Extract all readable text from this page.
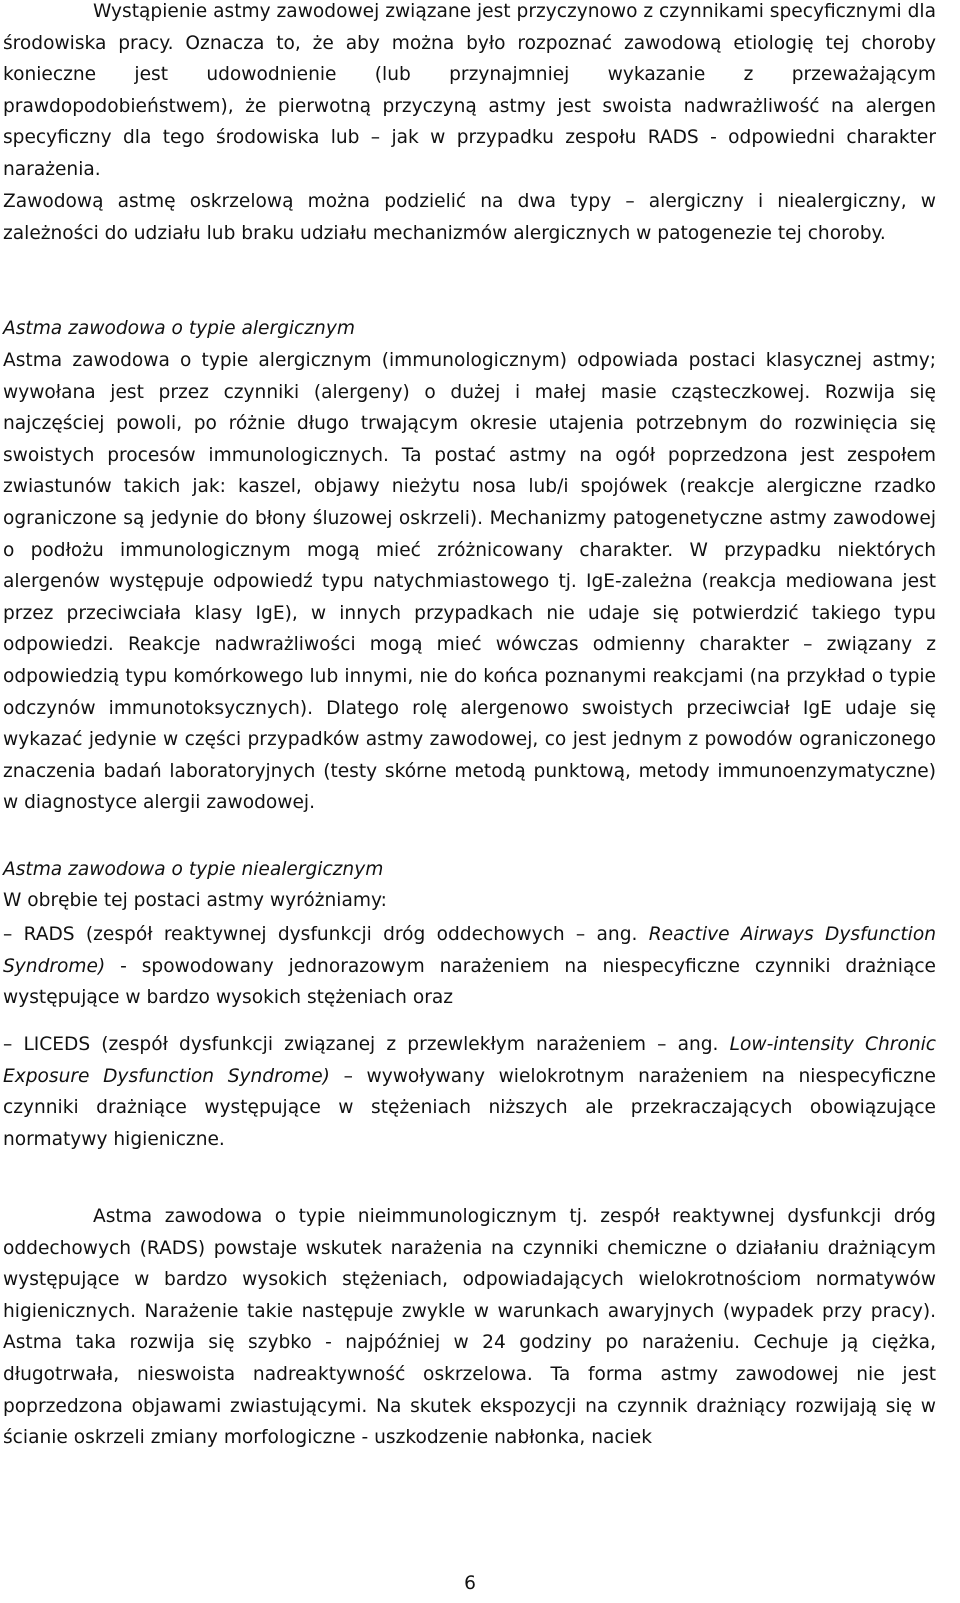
Wystąpienie astmy zawodowej związane jest przyczynowo z czynnikami specyficznymi dla środowiska pracy. Oznacza to, że aby można było rozpoznać zawodową etiologię tej choroby konieczne jest udowodnienie (lub przynajmniej wykazanie z przeważającym prawdopodobieństwem), że pierwotną przyczyną astmy jest swoista nadwrażliwość na alergen specyficzny dla tego środowiska lub – jak w przypadku zespołu RADS - odpowiedni charakter narażenia.
Zawodową astmę oskrzelową można podzielić na dwa typy – alergiczny i niealergiczny, w zależności do udziału lub braku udziału mechanizmów alergicznych w patogenezie tej choroby.
Astma zawodowa o typie alergicznym
Astma zawodowa o typie alergicznym (immunologicznym) odpowiada postaci klasycznej astmy; wywołana jest przez czynniki (alergeny) o dużej i małej masie cząsteczkowej. Rozwija się najczęściej powoli, po różnie długo trwającym okresie utajenia potrzebnym do rozwinięcia się swoistych procesów immunologicznych. Ta postać astmy na ogół poprzedzona jest zespołem zwiastunów takich jak: kaszel, objawy nieżytu nosa lub/i spojówek (reakcje alergiczne rzadko ograniczone są jedynie do błony śluzowej oskrzeli). Mechanizmy patogenetyczne astmy zawodowej o podłożu immunologicznym mogą mieć zróżnicowany charakter. W przypadku niektórych alergenów występuje odpowiedź typu natychmiastowego tj. IgE-zależna (reakcja mediowana jest przez przeciwciała klasy IgE), w innych przypadkach nie udaje się potwierdzić takiego typu odpowiedzi. Reakcje nadwrażliwości mogą mieć wówczas odmienny charakter – związany z odpowiedzią typu komórkowego lub innymi, nie do końca poznanymi reakcjami (na przykład o typie odczynów immunotoksycznych). Dlatego rolę alergenowo swoistych przeciwciał IgE udaje się wykazać jedynie w części przypadków astmy zawodowej, co jest jednym z powodów ograniczonego znaczenia badań laboratoryjnych (testy skórne metodą punktową, metody immunoenzymatyczne) w diagnostyce alergii zawodowej.
Astma zawodowa o typie niealergicznym
W obrębie tej postaci astmy wyróżniamy:
– RADS (zespół reaktywnej dysfunkcji dróg oddechowych – ang. Reactive Airways Dysfunction Syndrome) - spowodowany jednorazowym narażeniem na niespecyficzne czynniki drażniące występujące w bardzo wysokich stężeniach oraz
– LICEDS (zespół dysfunkcji związanej z przewlekłym narażeniem – ang. Low-intensity Chronic Exposure Dysfunction Syndrome) – wywoływany wielokrotnym narażeniem na niespecyficzne czynniki drażniące występujące w stężeniach niższych ale przekraczających obowiązujące normatywy higieniczne.
Astma zawodowa o typie nieimmunologicznym tj. zespół reaktywnej dysfunkcji dróg oddechowych (RADS) powstaje wskutek narażenia na czynniki chemiczne o działaniu drażniącym występujące w bardzo wysokich stężeniach, odpowiadających wielokrotnościom normatywów higienicznych. Narażenie takie następuje zwykle w warunkach awaryjnych (wypadek przy pracy). Astma taka rozwija się szybko - najpóźniej w 24 godziny po narażeniu. Cechuje ją ciężka, długotrwała, nieswoista nadreaktywność oskrzelowa. Ta forma astmy zawodowej nie jest poprzedzona objawami zwiastującymi. Na skutek ekspozycji na czynnik drażniący rozwijają się w ścianie oskrzeli zmiany morfologiczne - uszkodzenie nabłonka, naciek
6
